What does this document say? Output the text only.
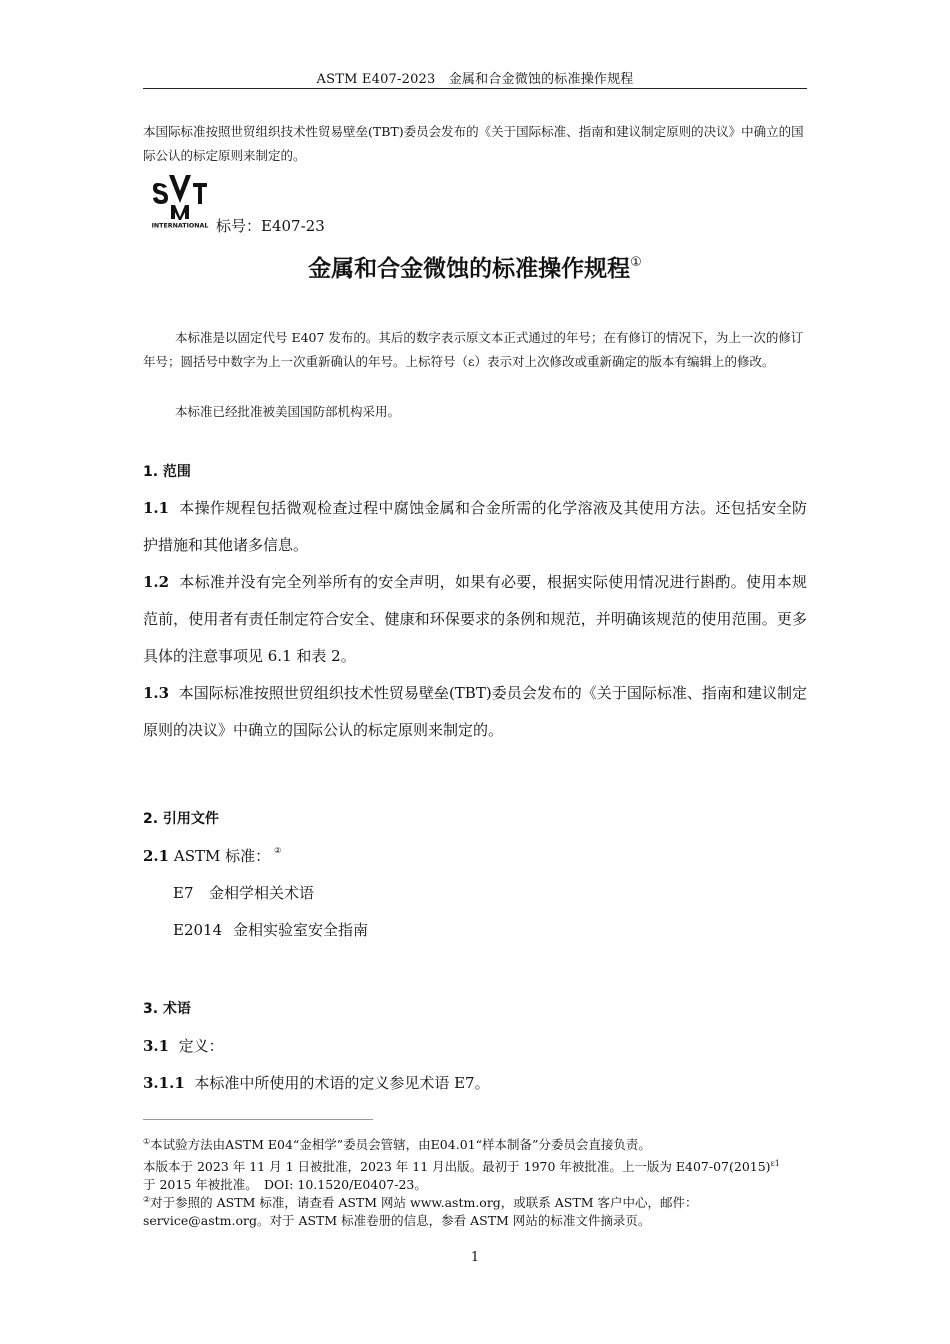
ASTM E407-2023　金属和合金微蚀的标准操作规程
本国际标准按照世贸组织技术性贸易壁垒(TBT)委员会发布的《关于国际标准、指南和建议制定原则的决议》中确立的国际公认的标定原则来制定的。
INTERNATIONAL 标号：E407-23
金属和合金微蚀的标准操作规程①
本标准是以固定代号 E407 发布的。其后的数字表示原文本正式通过的年号；在有修订的情况下，为上一次的修订年号；圆括号中数字为上一次重新确认的年号。上标符号（ε）表示对上次修改或重新确定的版本有编辑上的修改。
本标准已经批准被美国国防部机构采用。
1. 范围
1.1 本操作规程包括微观检查过程中腐蚀金属和合金所需的化学溶液及其使用方法。还包括安全防护措施和其他诸多信息。
1.2 本标准并没有完全列举所有的安全声明，如果有必要，根据实际使用情况进行斟酌。使用本规范前，使用者有责任制定符合安全、健康和环保要求的条例和规范，并明确该规范的使用范围。更多具体的注意事项见 6.1 和表 2。
1.3 本国际标准按照世贸组织技术性贸易壁垒(TBT)委员会发布的《关于国际标准、指南和建议制定原则的决议》中确立的国际公认的标定原则来制定的。
2. 引用文件
2.1 ASTM 标准： ②
E7 金相学相关术语
E2014 金相实验室安全指南
3. 术语
3.1 定义：
3.1.1 本标准中所使用的术语的定义参见术语 E7。
①本试验方法由ASTM E04“金相学”委员会管辖，由E04.01“样本制备”分委员会直接负责。
本版本于 2023 年 11 月 1 日被批准，2023 年 11 月出版。最初于 1970 年被批准。上一版为 $E407-07(2015)^{\varepsilon 1}$
于 2015 年被批准。　DOI: 10.1520/E0407-23。
②对于参照的 ASTM 标准，请查看 ASTM 网站 www.astm.org，或联系 ASTM 客户中心，邮件：service@astm.org。对于 ASTM 标准卷册的信息，参看 ASTM 网站的标准文件摘录页。
1
